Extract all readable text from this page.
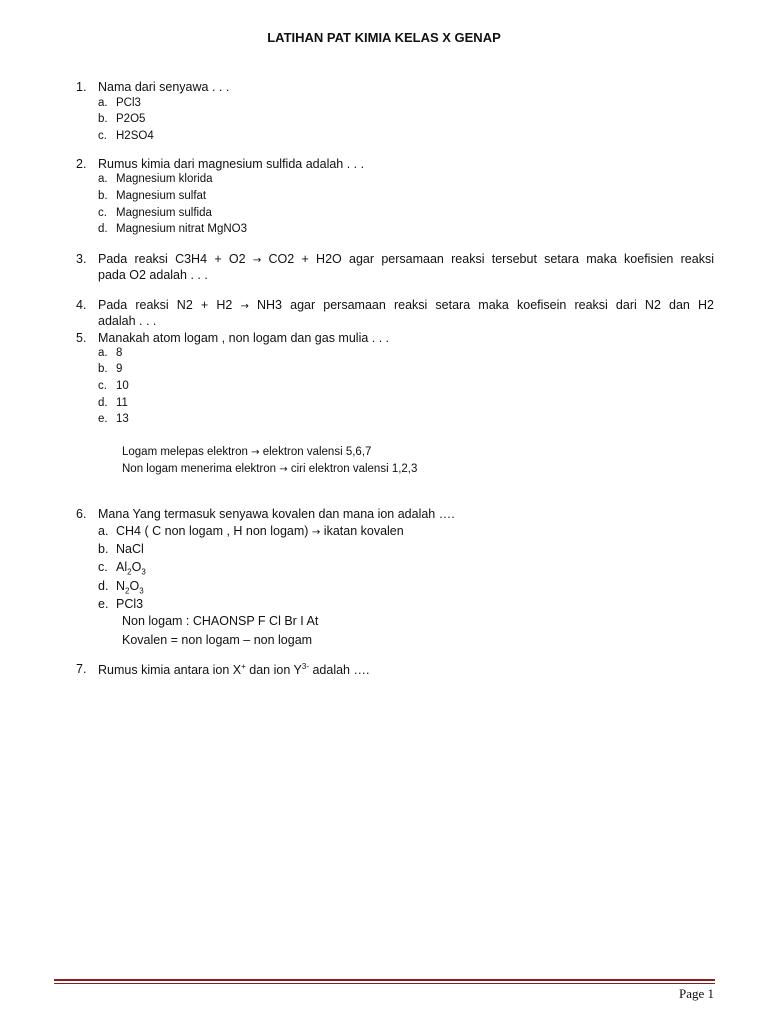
LATIHAN PAT KIMIA KELAS X GENAP
1. Nama dari senyawa . . .
a. PCl3
b. P2O5
c. H2SO4
2. Rumus kimia dari magnesium sulfida adalah . . .
a. Magnesium klorida
b. Magnesium sulfat
c. Magnesium sulfida
d. Magnesium nitrat MgNO3
3. Pada reaksi C3H4 + O2 → CO2 + H2O agar persamaan reaksi tersebut setara maka koefisien reaksi
pada O2 adalah . . .
4. Pada reaksi N2 + H2 → NH3 agar persamaan reaksi setara maka koefisein reaksi dari N2 dan H2
adalah . . .
5. Manakah atom logam , non logam dan gas mulia . . .
a. 8
b. 9
c. 10
d. 11
e. 13
Logam melepas elektron → elektron valensi 5,6,7
Non logam menerima elektron → ciri elektron valensi 1,2,3
6. Mana Yang termasuk senyawa kovalen dan mana ion adalah ….
a. CH4 ( C non logam , H non logam) → ikatan kovalen
b. NaCl
c. $Al_2O_3$
d. $N_2O_3$
e. PCl3
Non logam : CHAONSP F Cl Br I At
Kovalen = non logam – non logam
7. Rumus kimia antara ion X+ dan ion $Y^{3-}$ adalah ….
Page 1
